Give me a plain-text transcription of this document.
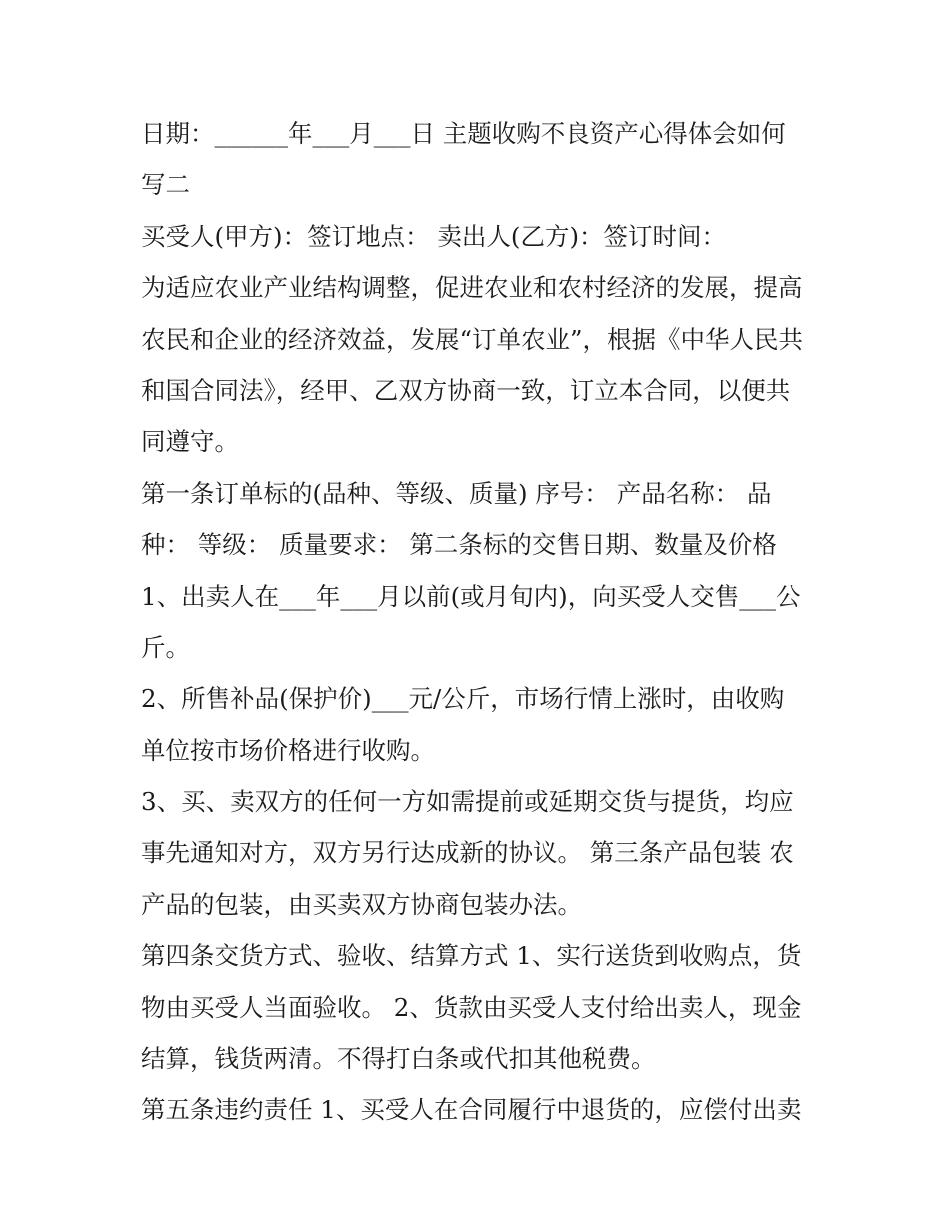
日期：______年___月___日 主题收购不良资产心得体会如何
写二
买受人(甲方)：签订地点： 卖出人(乙方)：签订时间：
为适应农业产业结构调整，促进农业和农村经济的发展，提高
农民和企业的经济效益，发展“订单农业”，根据《中华人民共
和国合同法》，经甲、乙双方协商一致，订立本合同，以便共
同遵守。
第一条订单标的(品种、等级、质量) 序号： 产品名称： 品
种： 等级： 质量要求： 第二条标的交售日期、数量及价格
1、出卖人在___年___月以前(或月旬内)，向买受人交售___公
斤。
2、所售补品(保护价)___元/公斤，市场行情上涨时，由收购
单位按市场价格进行收购。
3、买、卖双方的任何一方如需提前或延期交货与提货，均应
事先通知对方，双方另行达成新的协议。 第三条产品包装 农
产品的包装，由买卖双方协商包装办法。
第四条交货方式、验收、结算方式 1、实行送货到收购点，货
物由买受人当面验收。 2、货款由买受人支付给出卖人，现金
结算，钱货两清。不得打白条或代扣其他税费。
第五条违约责任 1、买受人在合同履行中退货的，应偿付出卖
